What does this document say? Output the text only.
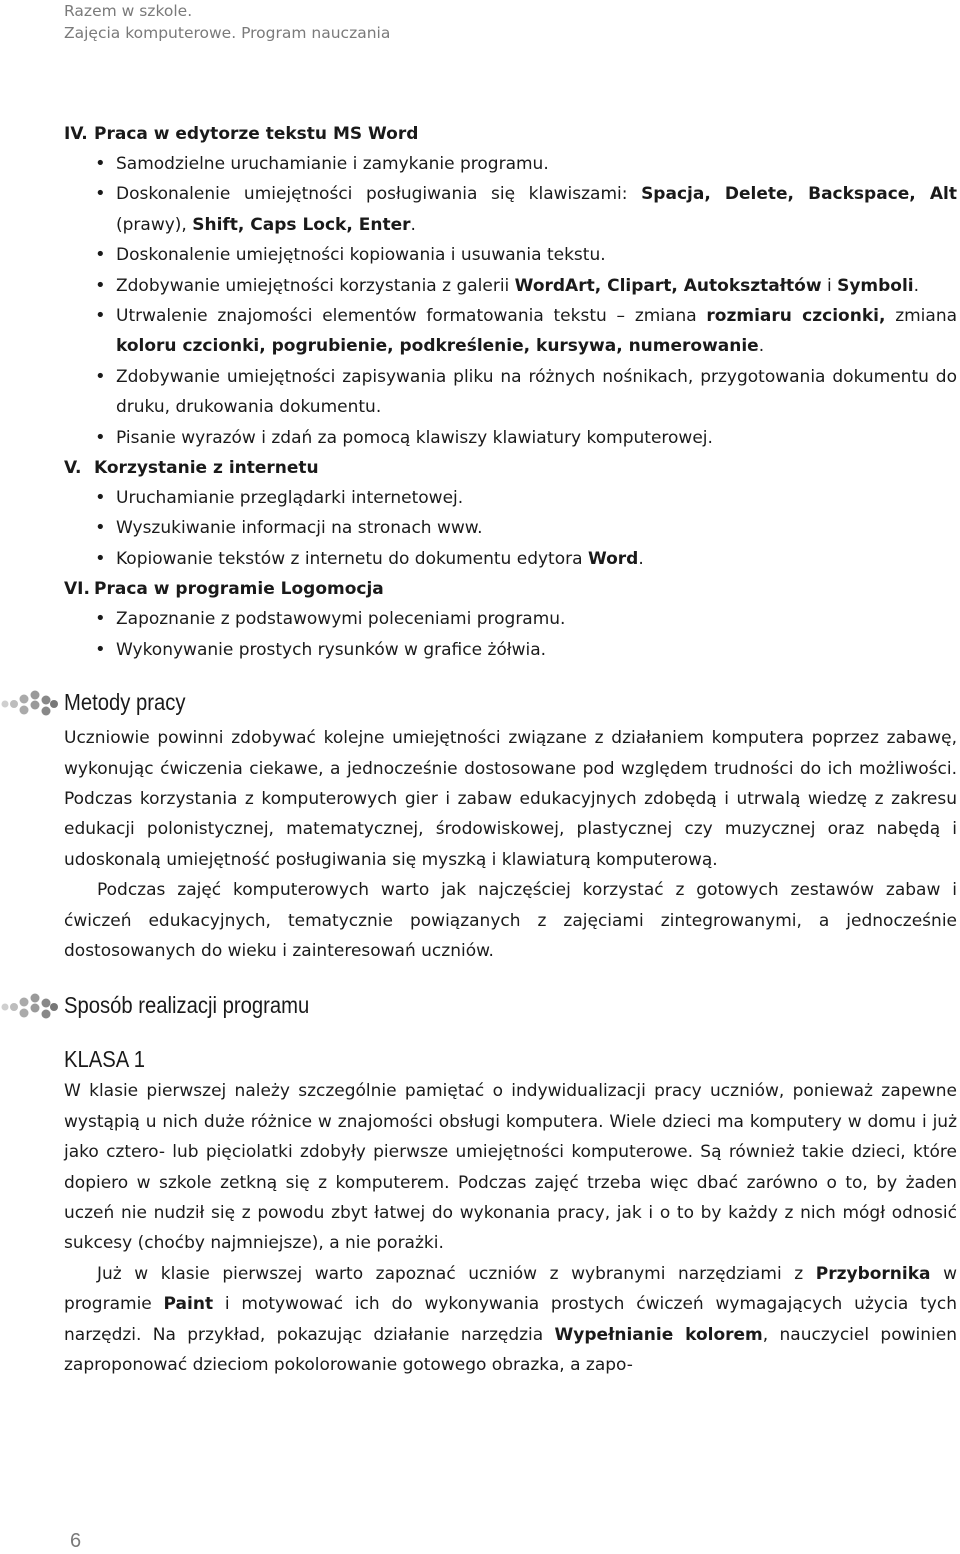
Razem w szkole.
Zajęcia komputerowe. Program nauczania
IV. Praca w edytorze tekstu MS Word
• Samodzielne uruchamianie i zamykanie programu.
• Doskonalenie umiejętności posługiwania się klawiszami: Spacja, Delete, Backspace, Alt (prawy), Shift, Caps Lock, Enter.
• Doskonalenie umiejętności kopiowania i usuwania tekstu.
• Zdobywanie umiejętności korzystania z galerii WordArt, Clipart, Autokształtów i Symboli.
• Utrwalenie znajomości elementów formatowania tekstu – zmiana rozmiaru czcionki, zmiana koloru czcionki, pogrubienie, podkreślenie, kursywa, numerowanie.
• Zdobywanie umiejętności zapisywania pliku na różnych nośnikach, przygotowania dokumentu do druku, drukowania dokumentu.
• Pisanie wyrazów i zdań za pomocą klawiszy klawiatury komputerowej.
V. Korzystanie z internetu
• Uruchamianie przeglądarki internetowej.
• Wyszukiwanie informacji na stronach www.
• Kopiowanie tekstów z internetu do dokumentu edytora Word.
VI. Praca w programie Logomocja
• Zapoznanie z podstawowymi poleceniami programu.
• Wykonywanie prostych rysunków w grafice żółwia.
Metody pracy

Uczniowie powinni zdobywać kolejne umiejętności związane z działaniem komputera poprzez zabawę, wykonując ćwiczenia ciekawe, a jednocześnie dostosowane pod względem trudności do ich możliwości. Podczas korzystania z komputerowych gier i zabaw edukacyjnych zdobędą i utrwalą wiedzę z zakresu edukacji polonistycznej, matematycznej, środowiskowej, plastycznej czy muzycznej oraz nabędą i udoskonalą umiejętność posługiwania się myszką i klawiaturą komputerową.

Podczas zajęć komputerowych warto jak najczęściej korzystać z gotowych zestawów zabaw i ćwiczeń edukacyjnych, tematycznie powiązanych z zajęciami zintegrowanymi, a jednocześnie dostosowanych do wieku i zainteresowań uczniów.

Sposób realizacji programu
KLASA 1

W klasie pierwszej należy szczególnie pamiętać o indywidualizacji pracy uczniów, ponieważ zapewne wystąpią u nich duże różnice w znajomości obsługi komputera. Wiele dzieci ma komputery w domu i już jako cztero- lub pięciolatki zdobyły pierwsze umiejętności komputerowe. Są również takie dzieci, które dopiero w szkole zetkną się z komputerem. Podczas zajęć trzeba więc dbać zarówno o to, by żaden uczeń nie nudził się z powodu zbyt łatwej do wykonania pracy, jak i o to by każdy z nich mógł odnosić sukcesy (choćby najmniejsze), a nie porażki.

Już w klasie pierwszej warto zapoznać uczniów z wybranymi narzędziami z Przybornika w programie Paint i motywować ich do wykonywania prostych ćwiczeń wymagających użycia tych narzędzi. Na przykład, pokazując działanie narzędzia Wypełnianie kolorem, nauczyciel powinien zaproponować dzieciom pokolorowanie gotowego obrazka, a zapo-

6
